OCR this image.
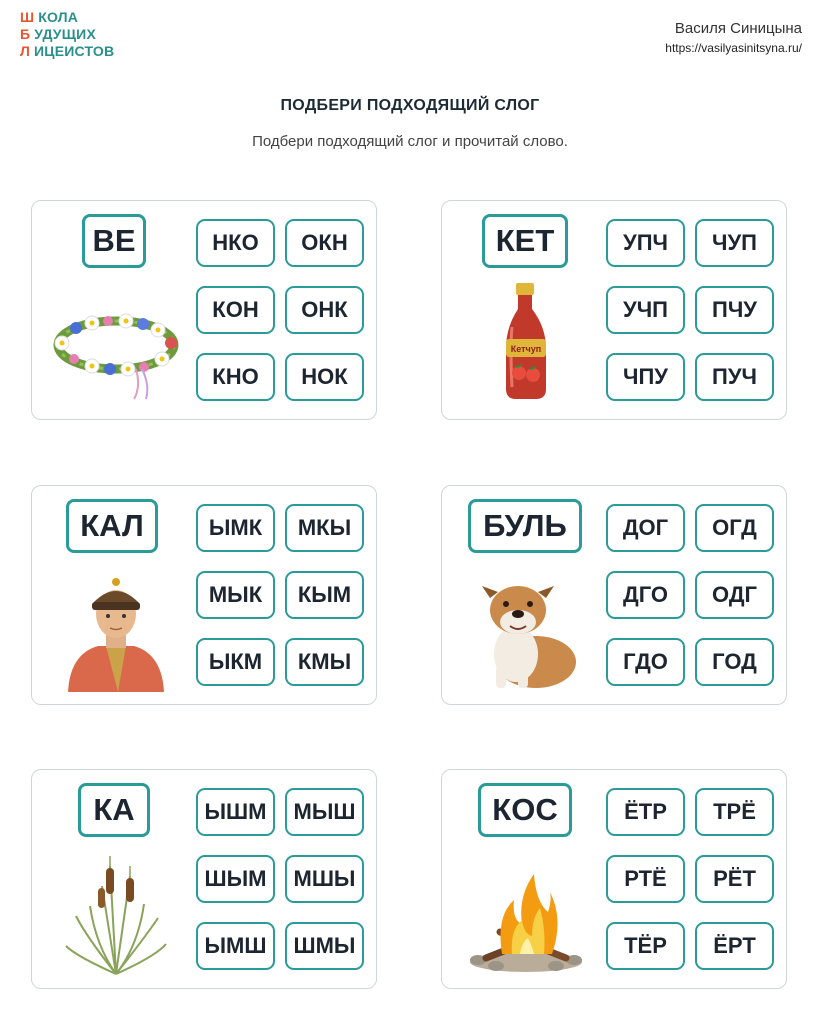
Ш КОЛА
Б УДУЩИХ
Л ИЦЕИСТОВ
Василя Синицына
https://vasilyasinitsyna.ru/
ПОДБЕРИ ПОДХОДЯЩИЙ СЛОГ
Подбери подходящий слог и прочитай слово.
ВЕ	НКО	ОКН
КОН	ОНК
КНО	НОК
КЕТ
Кетчуп
УПЧ	ЧУП
УЧП	ПЧУ
ЧПУ	ПУЧ
КАЛ	ЫМК	МКЫ
МЫК	КЫМ
ЫКМ	КМЫ
БУЛЬ	ДОГ	ОГД
ДГО	ОДГ
ГДО	ГОД
КА	ЫШМ	МЫШ
ШЫМ	МШЫ
ЫМШ	ШМЫ
КОС	ЁТР	ТРЁ
РТЁ	РЁТ
ТЁР	ЁРТ
